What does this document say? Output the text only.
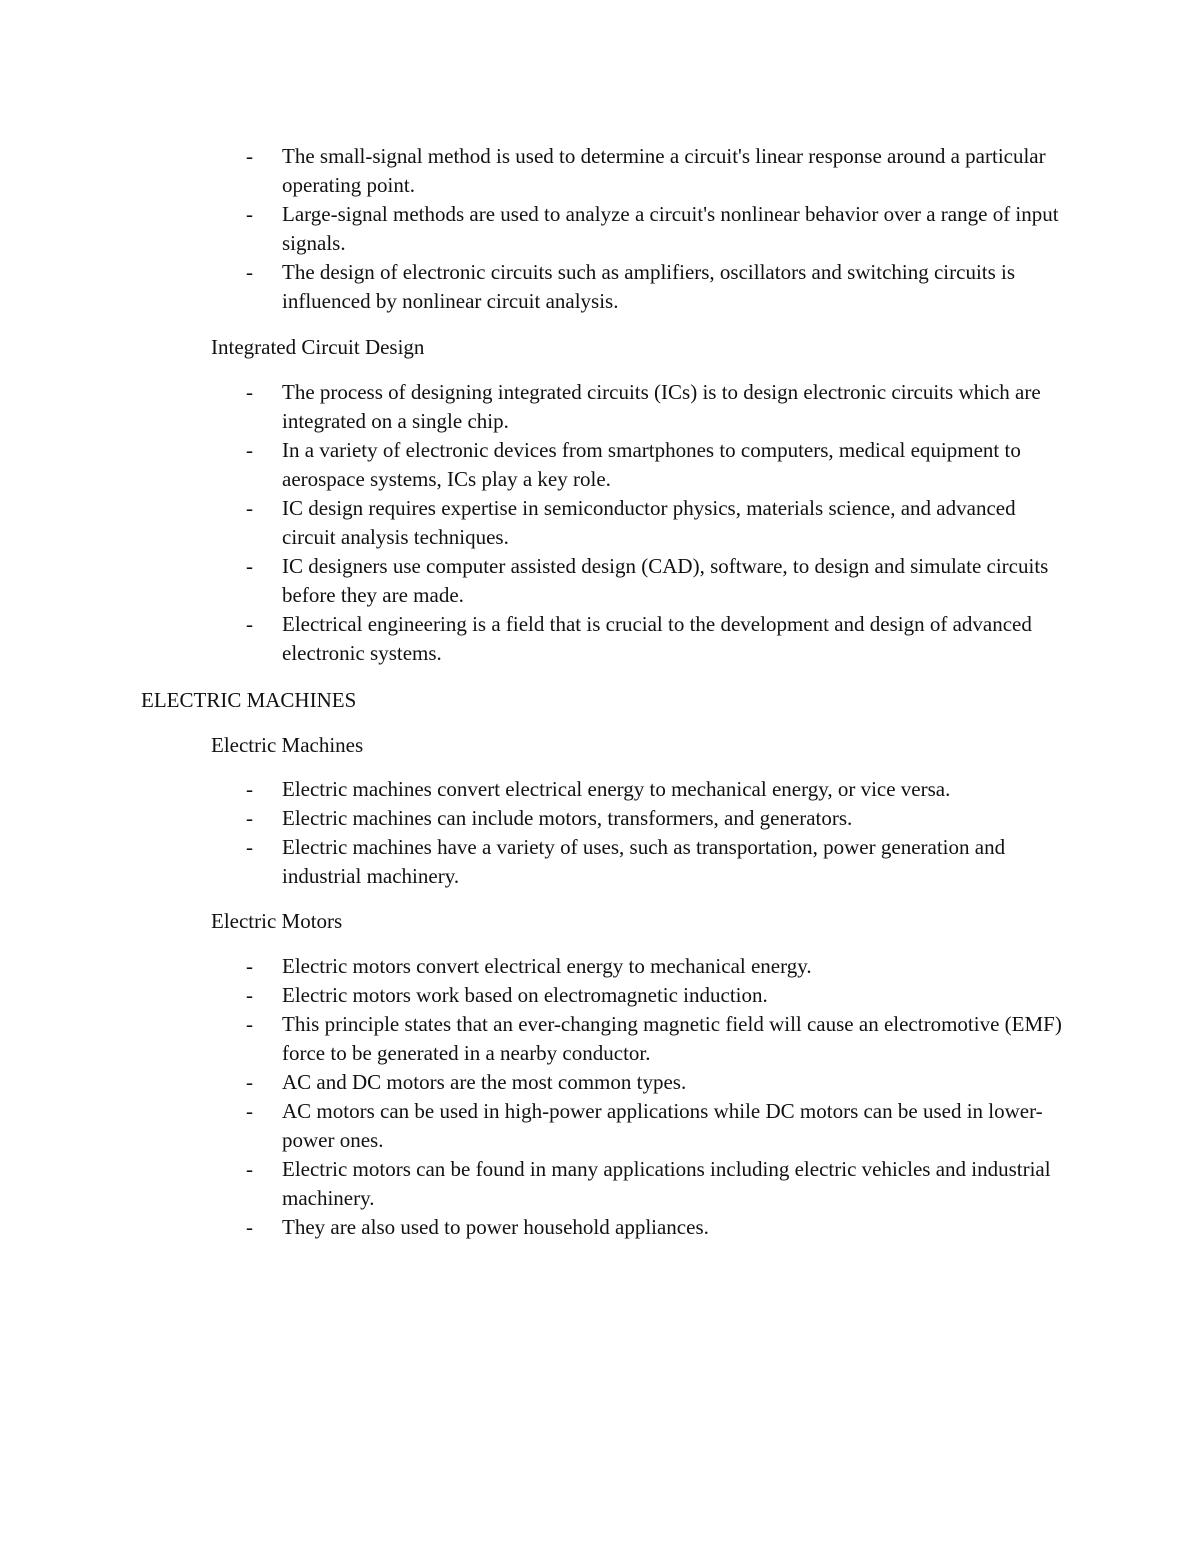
- The small-signal method is used to determine a circuit's linear response around a particular operating point.
- Large-signal methods are used to analyze a circuit's nonlinear behavior over a range of input signals.
- The design of electronic circuits such as amplifiers, oscillators and switching circuits is influenced by nonlinear circuit analysis.
Integrated Circuit Design
- The process of designing integrated circuits (ICs) is to design electronic circuits which are integrated on a single chip.
- In a variety of electronic devices from smartphones to computers, medical equipment to aerospace systems, ICs play a key role.
- IC design requires expertise in semiconductor physics, materials science, and advanced circuit analysis techniques.
- IC designers use computer assisted design (CAD), software, to design and simulate circuits before they are made.
- Electrical engineering is a field that is crucial to the development and design of advanced electronic systems.
ELECTRIC MACHINES
Electric Machines
- Electric machines convert electrical energy to mechanical energy, or vice versa.
- Electric machines can include motors, transformers, and generators.
- Electric machines have a variety of uses, such as transportation, power generation and industrial machinery.
Electric Motors
- Electric motors convert electrical energy to mechanical energy.
- Electric motors work based on electromagnetic induction.
- This principle states that an ever-changing magnetic field will cause an electromotive (EMF) force to be generated in a nearby conductor.
- AC and DC motors are the most common types.
- AC motors can be used in high-power applications while DC motors can be used in lower-power ones.
- Electric motors can be found in many applications including electric vehicles and industrial machinery.
- They are also used to power household appliances.
